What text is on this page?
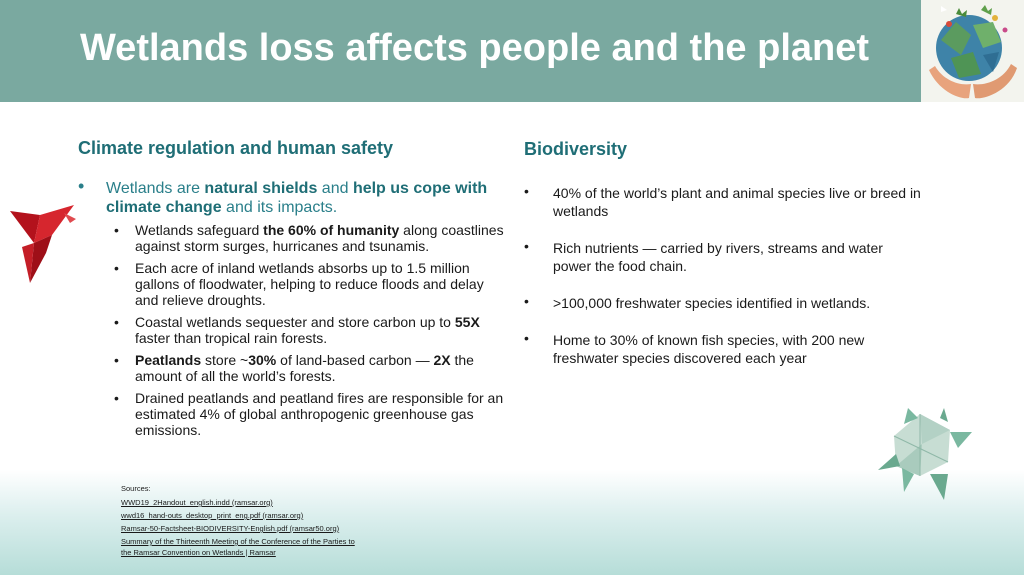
Wetlands loss affects people and the planet
Climate regulation and human safety
• Wetlands are natural shields and help us cope with climate change and its impacts.
• Wetlands safeguard the 60% of humanity along coastlines against storm surges, hurricanes and tsunamis.
• Each acre of inland wetlands absorbs up to 1.5 million gallons of floodwater, helping to reduce floods and delay and relieve droughts.
• Coastal wetlands sequester and store carbon up to 55X faster than tropical rain forests.
• Peatlands store ~30% of land-based carbon — 2X the amount of all the world’s forests.
• Drained peatlands and peatland fires are responsible for an estimated 4% of global anthropogenic greenhouse gas emissions.
Biodiversity
• 40% of the world’s plant and animal species live or breed in wetlands
• Rich nutrients — carried by rivers, streams and water power the food chain.
• >100,000 freshwater species identified in wetlands.
• Home to 30% of known fish species, with 200 new freshwater species discovered each year
Sources:
WWD19_2Handout_english.indd (ramsar.org)
wwd16_hand-outs_desktop_print_eng.pdf (ramsar.org)
Ramsar-50-Factsheet-BIODIVERSITY-English.pdf (ramsar50.org)
Summary of the Thirteenth Meeting of the Conference of the Parties to the Ramsar Convention on Wetlands | Ramsar
